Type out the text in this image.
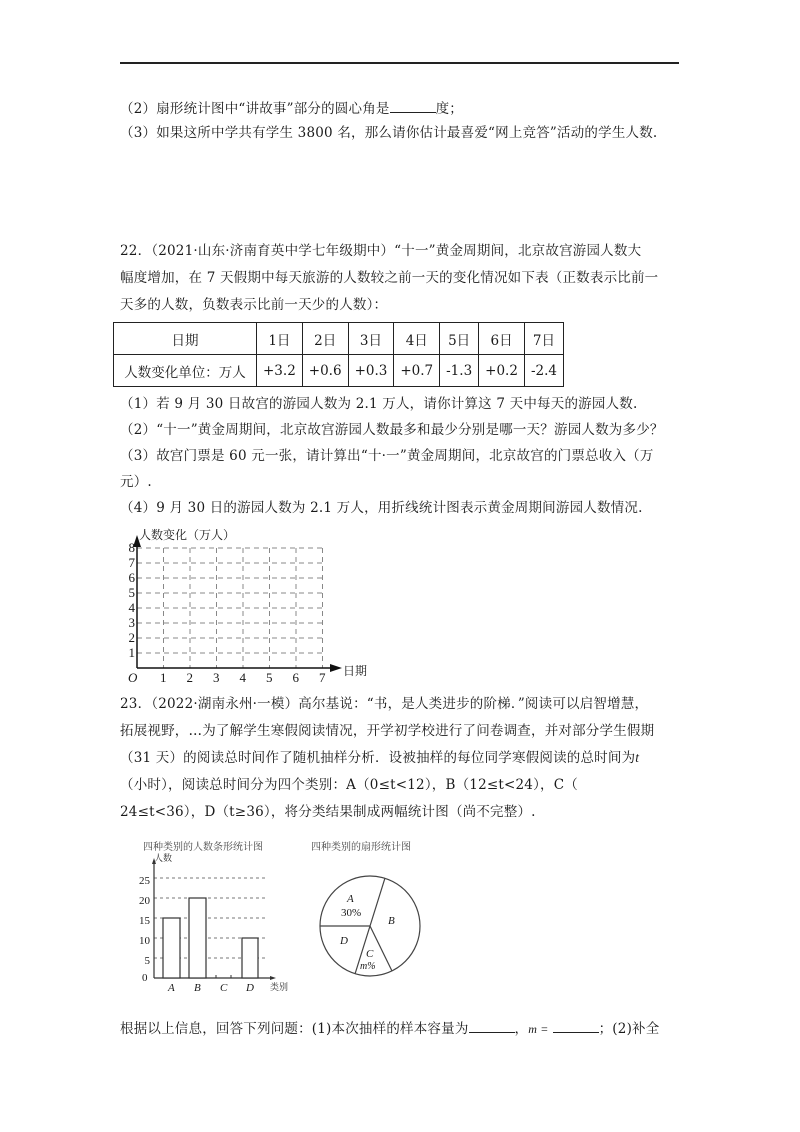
（2）扇形统计图中“讲故事”部分的圆心角是	度；
（3）如果这所中学共有学生 3800 名，那么请你估计最喜爱“网上竞答”活动的学生人数.
22．（2021·山东·济南育英中学七年级期中）“十一”黄金周期间，北京故宫游园人数大
幅度增加，在 7 天假期中每天旅游的人数较之前一天的变化情况如下表（正数表示比前一
天多的人数，负数表示比前一天少的人数）：
日期	1日	2日	3日	4日	5日	6日	7日
人数变化单位：万人	+3.2	+0.6	+0.3	+0.7	-1.3	+0.2	-2.4
（1）若 9 月 30 日故宫的游园人数为 2.1 万人，请你计算这 7 天中每天的游园人数.
（2）“十一”黄金周期间，北京故宫游园人数最多和最少分别是哪一天？游园人数为多少？
（3）故宫门票是 60 元一张，请计算出“十·一”黄金周期间，北京故宫的门票总收入（万
元）.
（4）9 月 30 日的游园人数为 2.1 万人，用折线统计图表示黄金周期间游园人数情况.
人数变化（万人）
日期
8
7
6
5
4
3
2
1
O 1 2 3 4 5 6 7
23．（2022·湖南永州·一模）高尔基说：“书，是人类进步的阶梯．”阅读可以启智增慧，
拓展视野，…为了解学生寒假阅读情况，开学初学校进行了问卷调查，并对部分学生假期
（31 天）的阅读总时间作了随机抽样分析．设被抽样的每位同学寒假阅读的总时间为t
（小时），阅读总时间分为四个类别：A（0≤t<12），B（12≤t<24），C（
24≤t<36），D（t≥36），将分类结果制成两幅统计图（尚不完整）.
四种类别的人数条形统计图
人数
类别
25
20
15
10
5
0
A B C D
四种类别的扇形统计图
A
30%
B
D
C
m%
根据以上信息，回答下列问题：(1)本次抽样的样本容量为	，m =	；(2)补全
